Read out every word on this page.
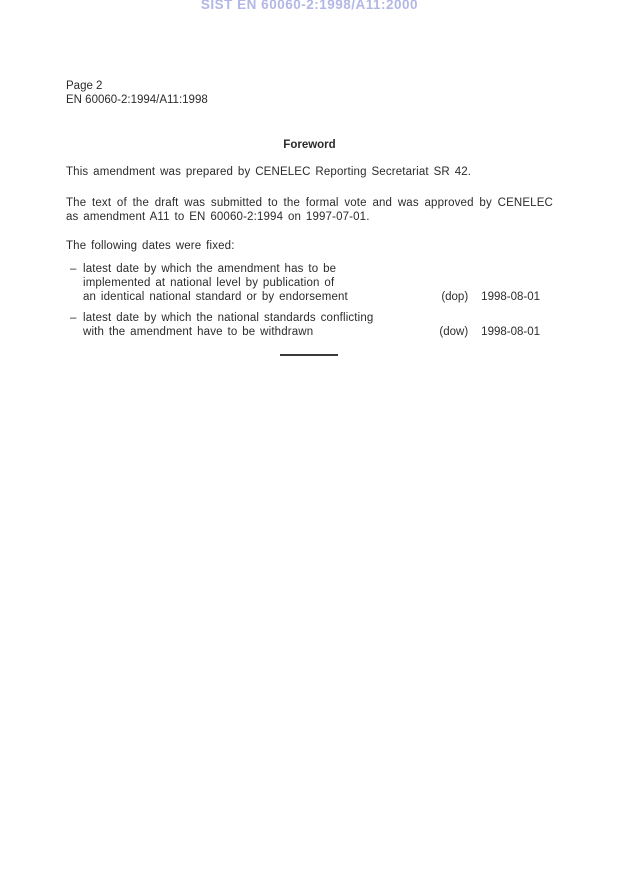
SIST EN 60060-2:1998/A11:2000
Page 2
EN 60060-2:1994/A11:1998
Foreword
This amendment was prepared by CENELEC Reporting Secretariat SR 42.
The text of the draft was submitted to the formal vote and was approved by CENELEC as amendment A11 to EN 60060-2:1994 on 1997-07-01.
The following dates were fixed:
– latest date by which the amendment has to be
implemented at national level by publication of
an identical national standard or by endorsement	(dop) 1998-08-01
– latest date by which the national standards conflicting
with the amendment have to be withdrawn	(dow) 1998-08-01
